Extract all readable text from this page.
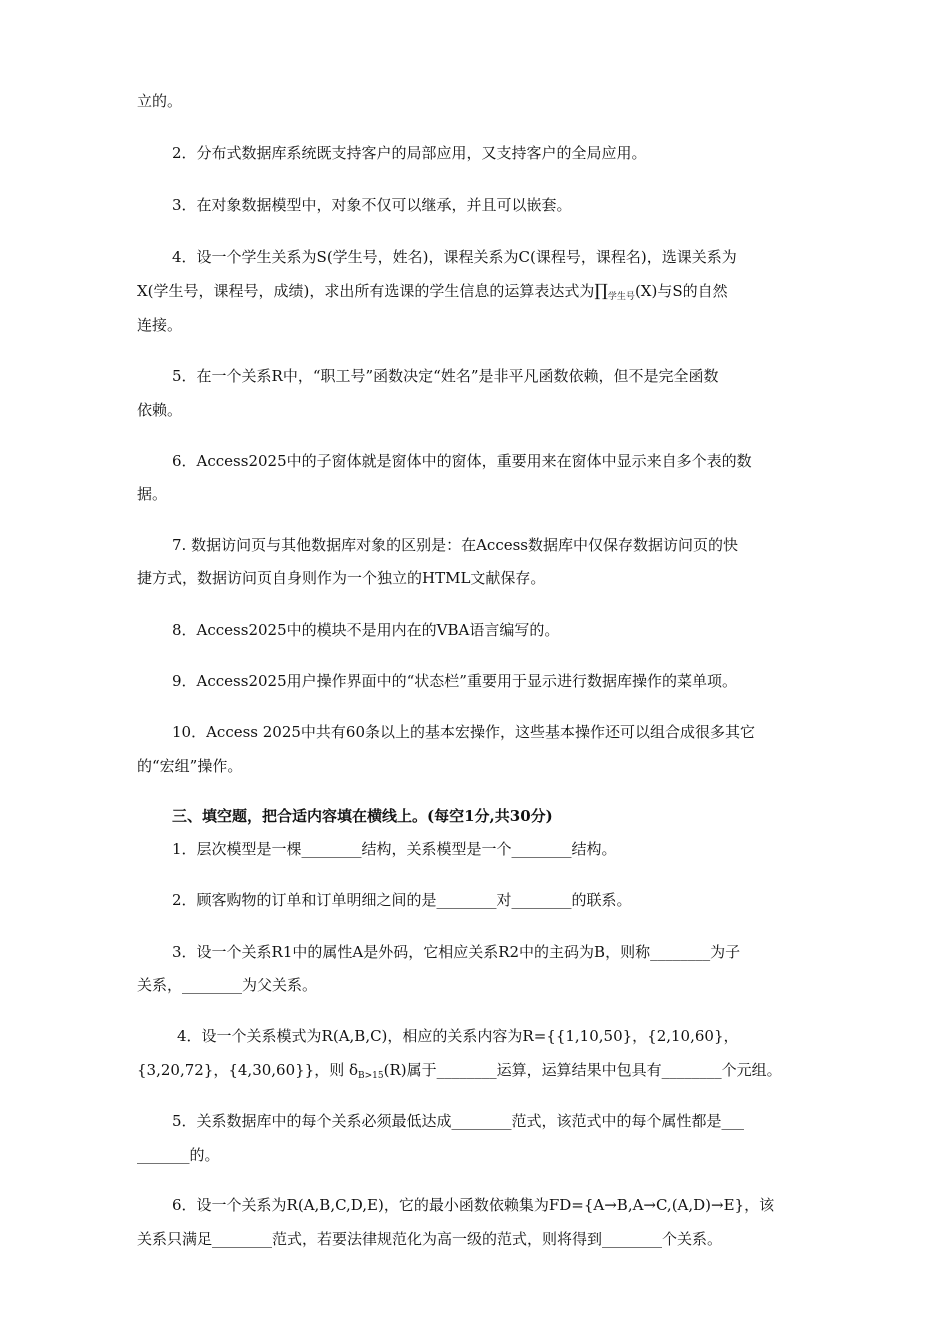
立的。
2．分布式数据库系统既支持客户的局部应用，又支持客户的全局应用。
3．在对象数据模型中，对象不仅可以继承，并且可以嵌套。
4．设一个学生关系为S(学生号，姓名)，课程关系为C(课程号，课程名)，选课关系为
X(学生号，课程号，成绩)，求出所有选课的学生信息的运算表达式为$\prod_{学生号}(X)$与S的自然
连接。
5．在一个关系R中，“职工号”函数决定“姓名”是非平凡函数依赖，但不是完全函数
依赖。
6．Access2025中的子窗体就是窗体中的窗体，重要用来在窗体中显示来自多个表的数
据。
7. 数据访问页与其他数据库对象的区别是：在Access数据库中仅保存数据访问页的快
捷方式，数据访问页自身则作为一个独立的HTML文献保存。
8．Access2025中的模块不是用内在的VBA语言编写的。
9．Access2025用户操作界面中的“状态栏”重要用于显示进行数据库操作的菜单项。
10．Access 2025中共有60条以上的基本宏操作，这些基本操作还可以组合成很多其它
的“宏组”操作。
三、填空题，把合适内容填在横线上。(每空1分,共30分)
1．层次模型是一棵________结构，关系模型是一个________结构。
2．顾客购物的订单和订单明细之间的是________对________的联系。
3．设一个关系R1中的属性A是外码，它相应关系R2中的主码为B，则称________为子
关系，________为父关系。
4．设一个关系模式为R(A,B,C)，相应的关系内容为R={{1,10,50}，{2,10,60}，
{3,20,72}，{4,30,60}}，则 $\delta_{B>15}(R)$属于________运算，运算结果中包具有________个元组。
5．关系数据库中的每个关系必须最低达成________范式，该范式中的每个属性都是___
_______的。
6．设一个关系为R(A,B,C,D,E)，它的最小函数依赖集为FD={A→B,A→C,(A,D)→E}，该
关系只满足________范式，若要法律规范化为高一级的范式，则将得到________个关系。
